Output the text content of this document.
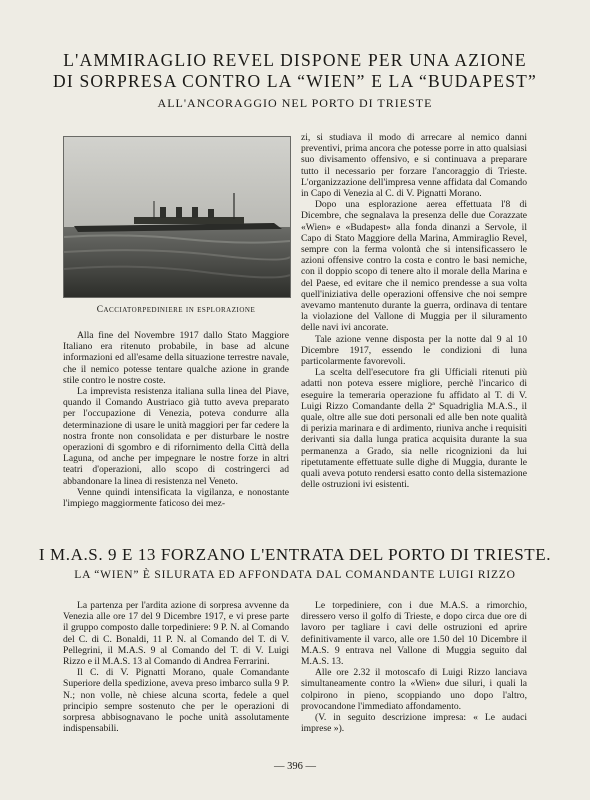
L'AMMIRAGLIO REVEL DISPONE PER UNA AZIONE
DI SORPRESA CONTRO LA “WIEN” E LA “BUDAPEST”
ALL'ANCORAGGIO NEL PORTO DI TRIESTE
Cacciatorpediniere in esplorazione

Alla fine del Novembre 1917 dallo Stato Maggiore Italiano era ritenuto probabile, in base ad alcune informazioni ed all'esame della situazione terrestre navale, che il nemico potesse tentare qualche azione in grande stile contro le nostre coste.

La imprevista resistenza italiana sulla linea del Piave, quando il Comando Austriaco già tutto aveva preparato per l'occupazione di Venezia, poteva condurre alla determinazione di usare le unità maggiori per far cedere la nostra fronte non consolidata e per disturbare le nostre operazioni di sgombro e di rifornimento della Città della Laguna, od anche per impegnare le nostre forze in altri teatri d'operazioni, allo scopo di costringerci ad abbandonare la linea di resistenza nel Veneto.

Venne quindi intensificata la vigilanza, e nonostante l'impiego maggiormente faticoso dei mez-

zi, si studiava il modo di arrecare al nemico danni preventivi, prima ancora che potesse porre in atto qualsiasi suo divisamento offensivo, e si continuava a preparare tutto il necessario per forzare l'ancoraggio di Trieste. L'organizzazione dell'impresa venne affidata dal Comando in Capo di Venezia al C. di V. Pignatti Morano.

Dopo una esplorazione aerea effettuata l'8 di Dicembre, che segnalava la presenza delle due Corazzate «Wien» e «Budapest» alla fonda dinanzi a Servole, il Capo di Stato Maggiore della Marina, Ammiraglio Revel, sempre con la ferma volontà che si intensificassero le azioni offensive contro la costa e contro le basi nemiche, con il doppio scopo di tenere alto il morale della Marina e del Paese, ed evitare che il nemico prendesse a sua volta quell'iniziativa delle operazioni offensive che noi sempre avevamo mantenuto durante la guerra, ordinava di tentare la violazione del Vallone di Muggia per il siluramento delle navi ivi ancorate.

Tale azione venne disposta per la notte dal 9 al 10 Dicembre 1917, essendo le condizioni di luna particolarmente favorevoli.

La scelta dell'esecutore fra gli Ufficiali ritenuti più adatti non poteva essere migliore, perchè l'incarico di eseguire la temeraria operazione fu affidato al T. di V. Luigi Rizzo Comandante della 2ª Squadriglia M.A.S., il quale, oltre alle sue doti personali ed alle ben note qualità di perizia marinara e di ardimento, riuniva anche i requisiti derivanti sia dalla lunga pratica acquisita durante la sua permanenza a Grado, sia nelle ricognizioni da lui ripetutamente effettuate sulle dighe di Muggia, durante le quali aveva potuto rendersi esatto conto della sistemazione delle ostruzioni ivi esistenti.

I M.A.S. 9 E 13 FORZANO L'ENTRATA DEL PORTO DI TRIESTE.
LA “WIEN” È SILURATA ED AFFONDATA DAL COMANDANTE LUIGI RIZZO

La partenza per l'ardita azione di sorpresa avvenne da Venezia alle ore 17 del 9 Dicembre 1917, e vi prese parte il gruppo composto dalle torpediniere: 9 P. N. al Comando del C. di C. Bonaldi, 11 P. N. al Comando del T. di V. Pellegrini, il M.A.S. 9 al Comando del T. di V. Luigi Rizzo e il M.A.S. 13 al Comando di Andrea Ferrarini.

Il C. di V. Pignatti Morano, quale Comandante Superiore della spedizione, aveva preso imbarco sulla 9 P. N.; non volle, nè chiese alcuna scorta, fedele a quel principio sempre sostenuto che per le operazioni di sorpresa abbisognavano le poche unità assolutamente indispensabili.

Le torpediniere, con i due M.A.S. a rimorchio, diressero verso il golfo di Trieste, e dopo circa due ore di lavoro per tagliare i cavi delle ostruzioni ed aprire definitivamente il varco, alle ore 1.50 del 10 Dicembre il M.A.S. 9 entrava nel Vallone di Muggia seguito dal M.A.S. 13.

Alle ore 2.32 il motoscafo di Luigi Rizzo lanciava simultaneamente contro la «Wien» due siluri, i quali la colpirono in pieno, scoppiando uno dopo l'altro, provocandone l'immediato affondamento.

(V. in seguito descrizione impresa: « Le audaci imprese »).

— 396 —
